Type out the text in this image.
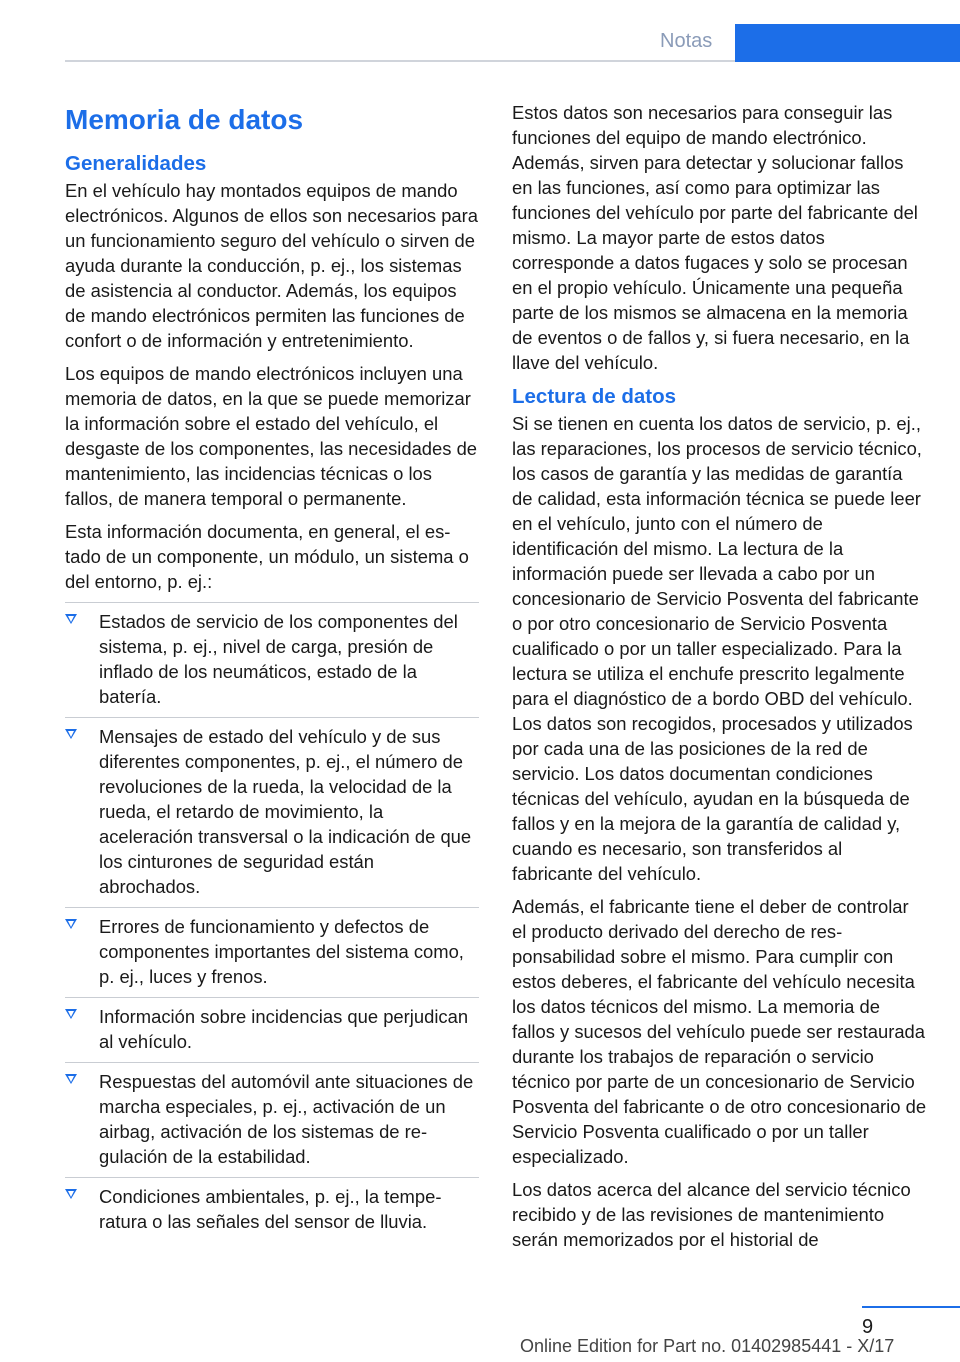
Notas
Memoria de datos
Generalidades

En el vehículo hay montados equipos de mando electrónicos. Algunos de ellos son necesarios para un funcionamiento seguro del vehículo o sirven de ayuda durante la conducción, p. ej., los sistemas de asistencia al conductor. Además, los equipos de mando electrónicos permiten las funciones de confort o de información y entretenimiento.

Los equipos de mando electrónicos incluyen una memoria de datos, en la que se puede memorizar la información sobre el estado del vehículo, el desgaste de los componentes, las necesidades de mantenimiento, las incidencias técnicas o los fallos, de manera temporal o permanente.

Esta información documenta, en general, el estado de un componente, un módulo, un sistema o del entorno, p. ej.:

Estados de servicio de los componentes del sistema, p. ej., nivel de carga, presión de inflado de los neumáticos, estado de la batería.
Mensajes de estado del vehículo y de sus diferentes componentes, p. ej., el número de revoluciones de la rueda, la velocidad de la rueda, el retardo de movimiento, la aceleración transversal o la indicación de que los cinturones de seguridad están abrochados.
Errores de funcionamiento y defectos de componentes importantes del sistema como, p. ej., luces y frenos.
Información sobre incidencias que perjudican al vehículo.
Respuestas del automóvil ante situaciones de marcha especiales, p. ej., activación de un airbag, activación de los sistemas de regulación de la estabilidad.
Condiciones ambientales, p. ej., la temperatura o las señales del sensor de lluvia.

Estos datos son necesarios para conseguir las funciones del equipo de mando electrónico. Además, sirven para detectar y solucionar fallos en las funciones, así como para optimizar las funciones del vehículo por parte del fabricante del mismo. La mayor parte de estos datos corresponde a datos fugaces y solo se procesan en el propio vehículo. Únicamente una pequeña parte de los mismos se almacena en la memoria de eventos o de fallos y, si fuera necesario, en la llave del vehículo.

Lectura de datos

Si se tienen en cuenta los datos de servicio, p. ej., las reparaciones, los procesos de servicio técnico, los casos de garantía y las medidas de garantía de calidad, esta información técnica se puede leer en el vehículo, junto con el número de identificación del mismo. La lectura de la información puede ser llevada a cabo por un concesionario de Servicio Posventa del fabricante o por otro concesionario de Servicio Posventa cualificado o por un taller especializado. Para la lectura se utiliza el enchufe prescrito legalmente para el diagnóstico de a bordo OBD del vehículo. Los datos son recogidos, procesados y utilizados por cada una de las posiciones de la red de servicio. Los datos documentan condiciones técnicas del vehículo, ayudan en la búsqueda de fallos y en la mejora de la garantía de calidad y, cuando es necesario, son transferidos al fabricante del vehículo.

Además, el fabricante tiene el deber de controlar el producto derivado del derecho de responsabilidad sobre el mismo. Para cumplir con estos deberes, el fabricante del vehículo necesita los datos técnicos del mismo. La memoria de fallos y sucesos del vehículo puede ser restaurada durante los trabajos de reparación o servicio técnico por parte de un concesionario de Servicio Posventa del fabricante o de otro concesionario de Servicio Posventa cualificado o por un taller especializado.

Los datos acerca del alcance del servicio técnico recibido y de las revisiones de mantenimiento serán memorizados por el historial de

9
Online Edition for Part no. 01402985441 - X/17
